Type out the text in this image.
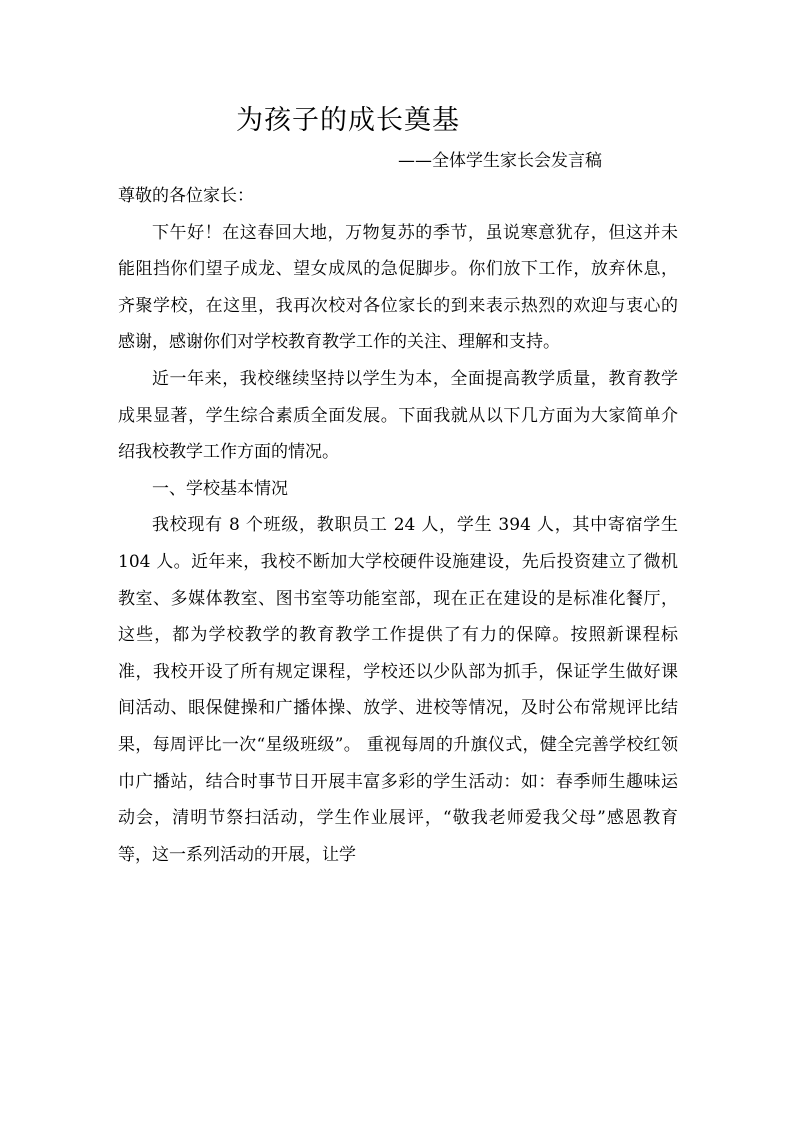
为孩子的成长奠基
——全体学生家长会发言稿

尊敬的各位家长：

下午好！在这春回大地，万物复苏的季节，虽说寒意犹存，但这并未能阻挡你们望子成龙、望女成凤的急促脚步。你们放下工作，放弃休息，齐聚学校，在这里，我再次校对各位家长的到来表示热烈的欢迎与衷心的感谢，感谢你们对学校教育教学工作的关注、理解和支持。

近一年来，我校继续坚持以学生为本，全面提高教学质量，教育教学成果显著，学生综合素质全面发展。下面我就从以下几方面为大家简单介绍我校教学工作方面的情况。

一、学校基本情况

我校现有 8 个班级，教职员工 24 人，学生 394 人，其中寄宿学生 104 人。近年来，我校不断加大学校硬件设施建设，先后投资建立了微机教室、多媒体教室、图书室等功能室部，现在正在建设的是标准化餐厅，这些，都为学校教学的教育教学工作提供了有力的保障。按照新课程标准，我校开设了所有规定课程，学校还以少队部为抓手，保证学生做好课间活动、眼保健操和广播体操、放学、进校等情况，及时公布常规评比结果，每周评比一次“星级班级”。 重视每周的升旗仪式，健全完善学校红领巾广播站，结合时事节日开展丰富多彩的学生活动：如：春季师生趣味运动会，清明节祭扫活动，学生作业展评，“敬我老师爱我父母”感恩教育等，这一系列活动的开展，让学
